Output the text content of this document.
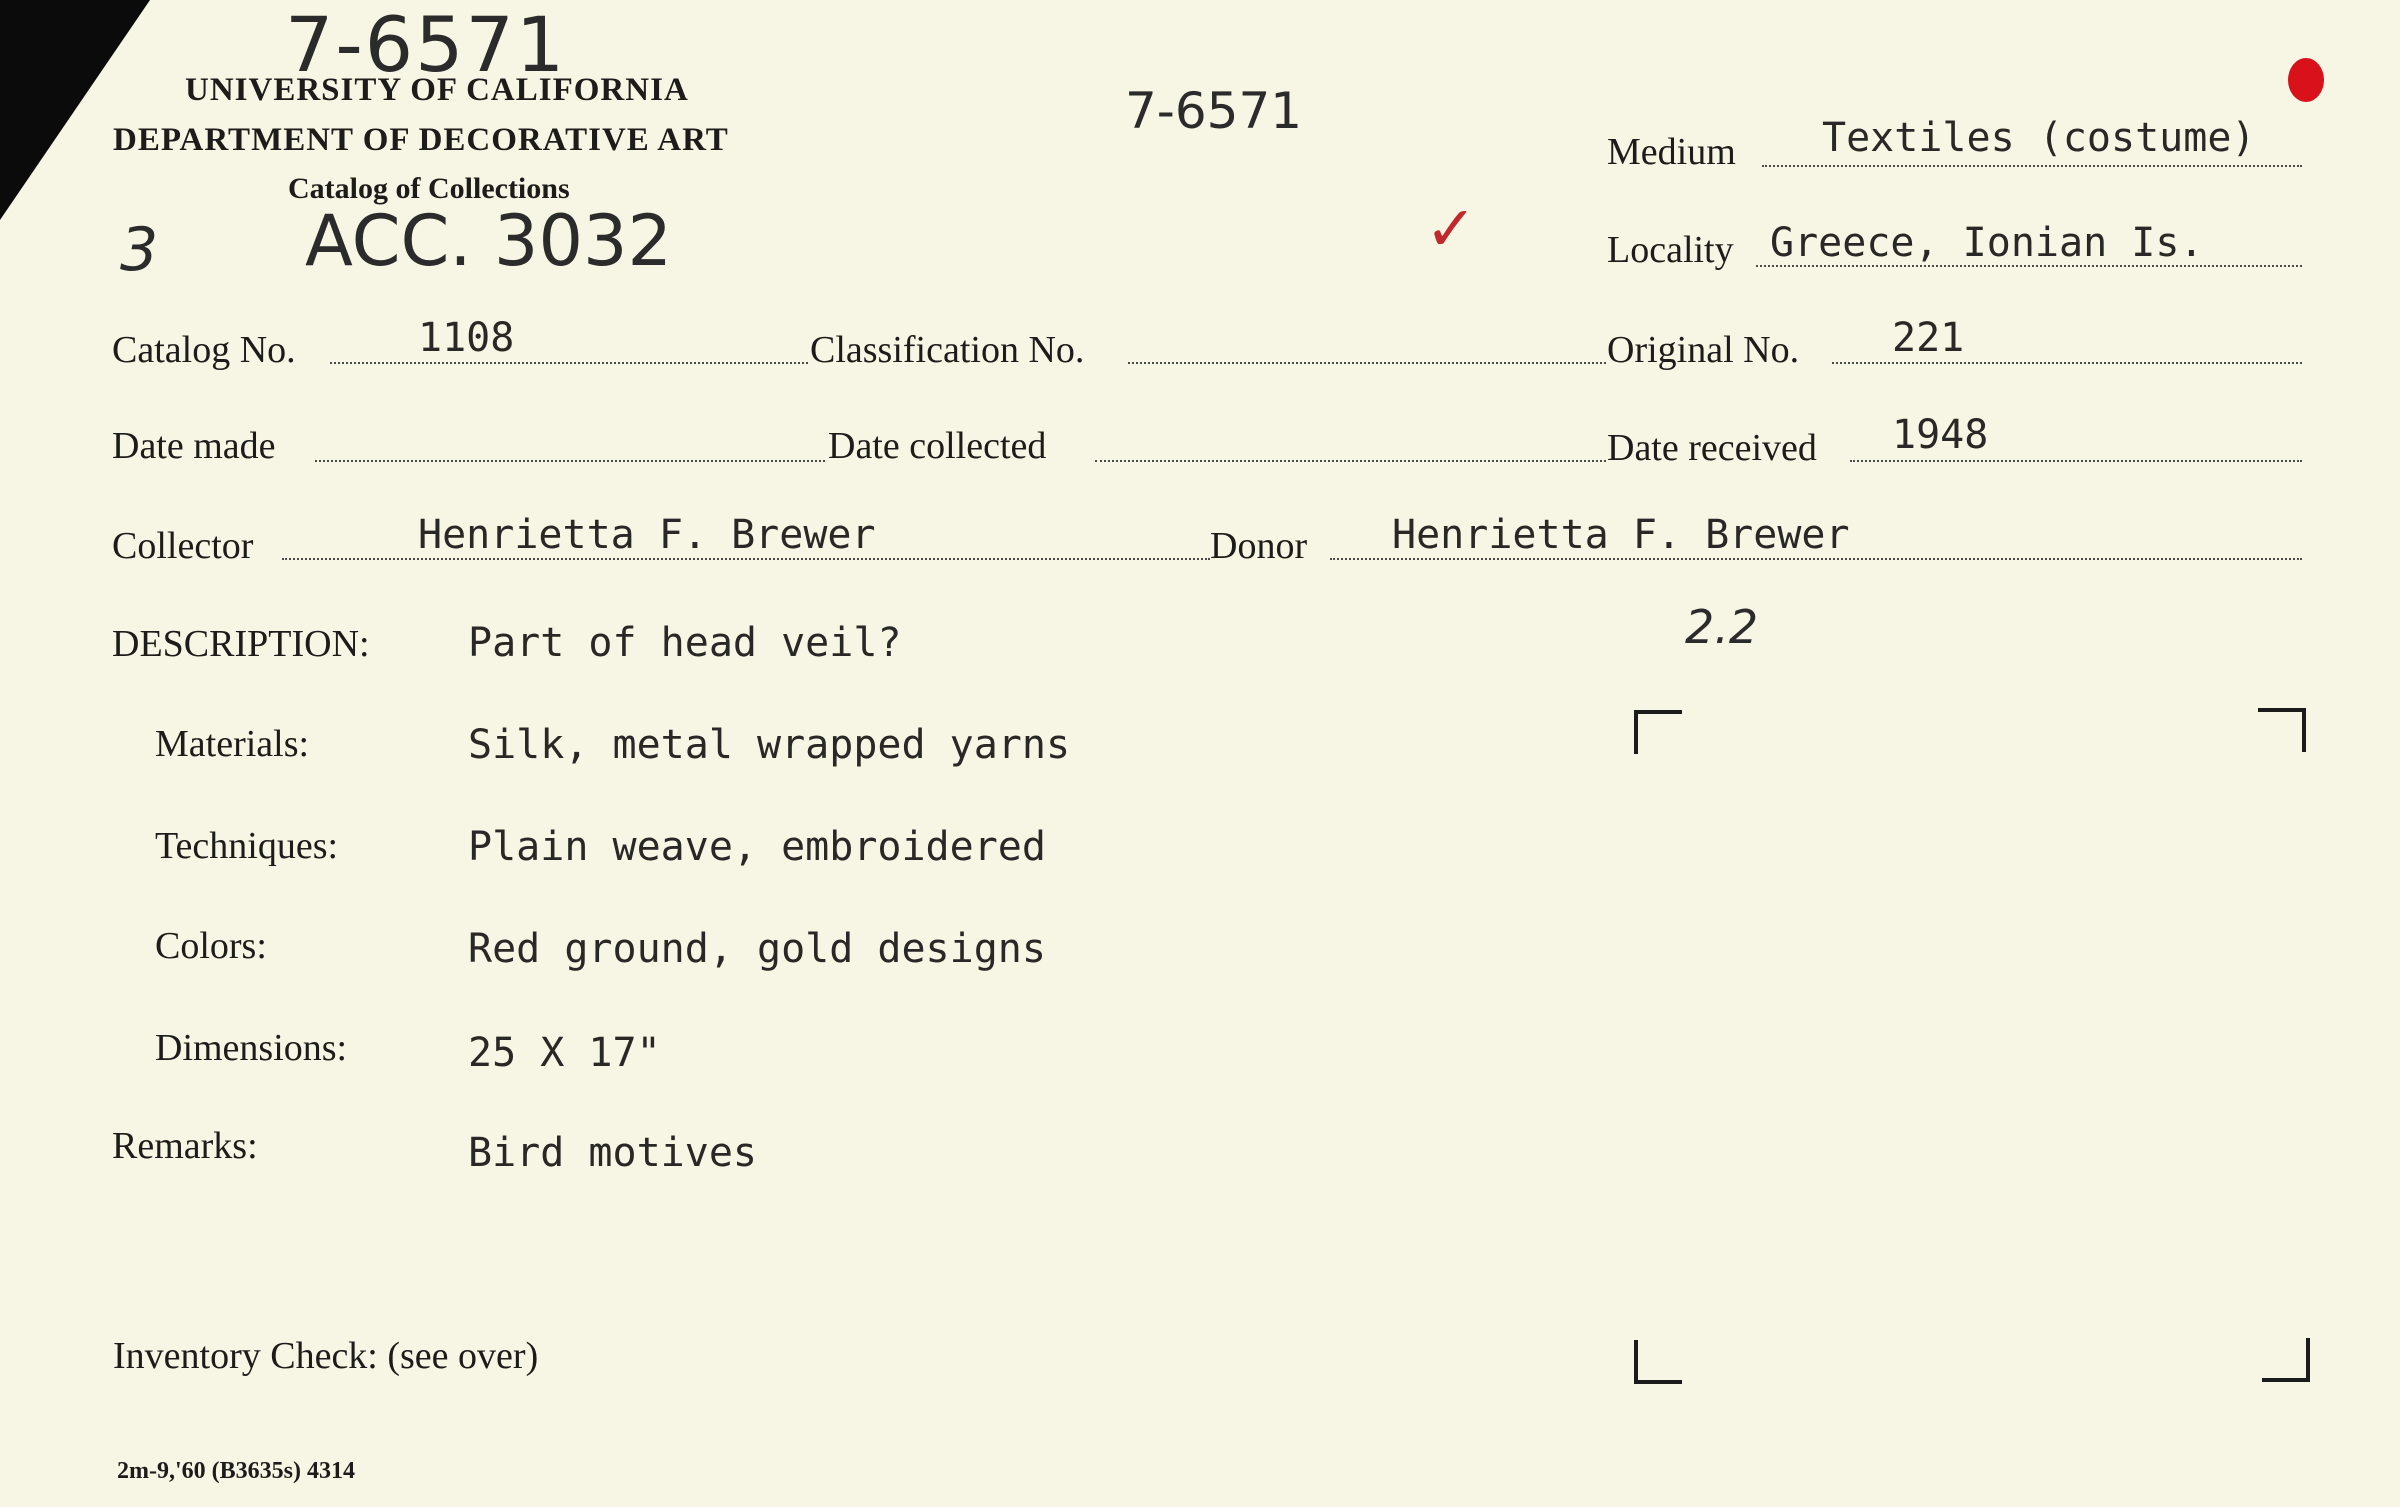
7-6571
UNIVERSITY OF CALIFORNIA
DEPARTMENT OF DECORATIVE ART
Catalog of Collections
3 ACC. 3032
7-6571
✓
2.2
Medium Textiles (costume)
Locality Greece, Ionian Is.
Catalog No.	1108	Classification No.	Original No. 221
Date made	Date collected	Date received 1948
Collector	Henrietta F. Brewer	Donor Henrietta F. Brewer
DESCRIPTION: Part of head veil?
Materials:	Silk, metal wrapped yarns
Techniques:	Plain weave, embroidered
Colors:	Red ground, gold designs
Dimensions:	25 X 17"
Remarks:	Bird motives
Inventory Check: (see over)
2m-9,'60 (B3635s) 4314
